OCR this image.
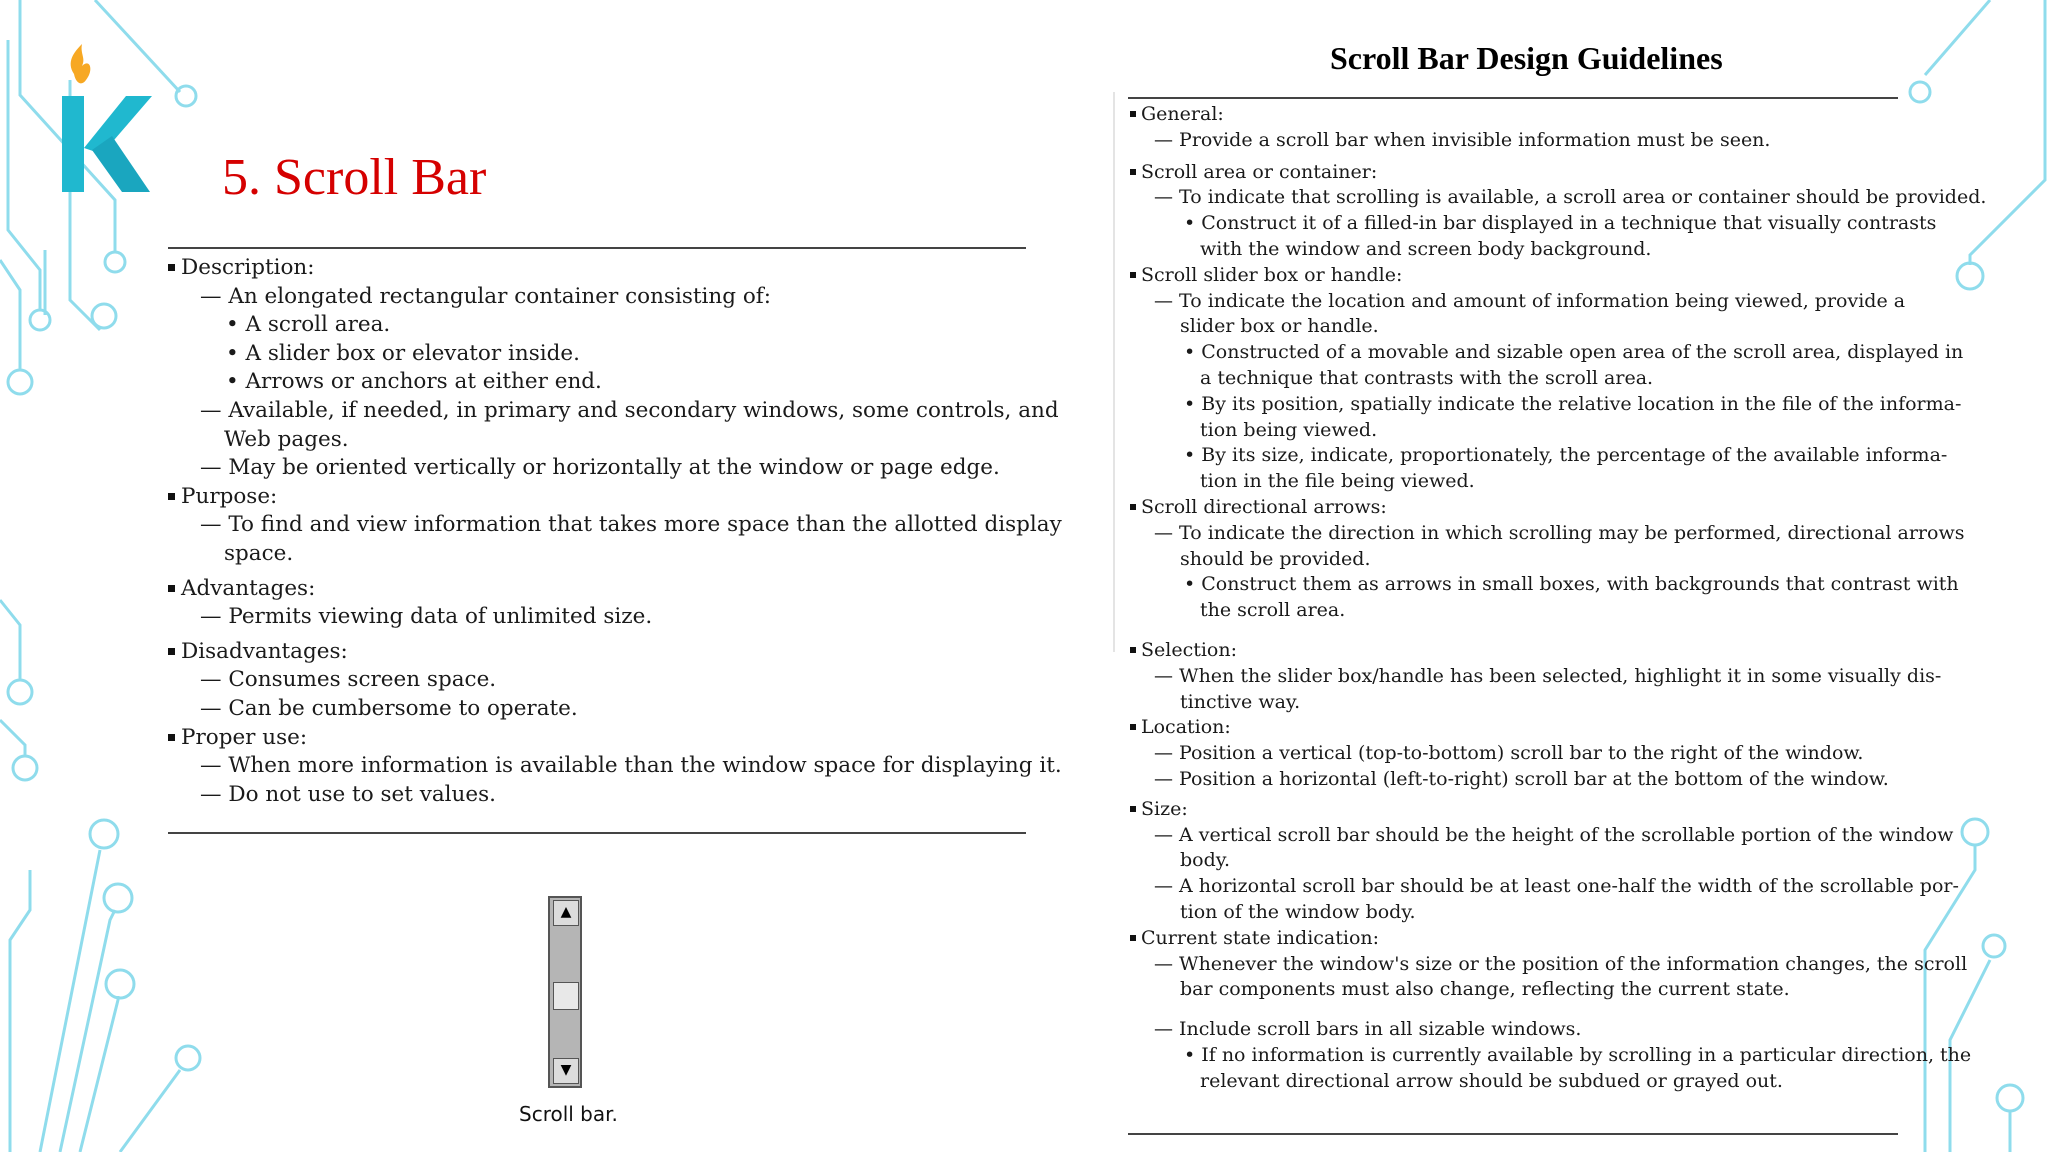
5. Scroll Bar
Description:
— An elongated rectangular container consisting of:
• A scroll area.
• A slider box or elevator inside.
• Arrows or anchors at either end.
— Available, if needed, in primary and secondary windows, some controls, and
Web pages.
— May be oriented vertically or horizontally at the window or page edge.
Purpose:
— To find and view information that takes more space than the allotted display
space.
Advantages:
— Permits viewing data of unlimited size.
Disadvantages:
— Consumes screen space.
— Can be cumbersome to operate.
Proper use:
— When more information is available than the window space for displaying it.
— Do not use to set values.
▲
▼
Scroll bar.
Scroll Bar Design Guidelines
General:
— Provide a scroll bar when invisible information must be seen.
Scroll area or container:
— To indicate that scrolling is available, a scroll area or container should be provided.
• Construct it of a filled-in bar displayed in a technique that visually contrasts
with the window and screen body background.
Scroll slider box or handle:
— To indicate the location and amount of information being viewed, provide a
slider box or handle.
• Constructed of a movable and sizable open area of the scroll area, displayed in
a technique that contrasts with the scroll area.
• By its position, spatially indicate the relative location in the file of the informa-
tion being viewed.
• By its size, indicate, proportionately, the percentage of the available informa-
tion in the file being viewed.
Scroll directional arrows:
— To indicate the direction in which scrolling may be performed, directional arrows
should be provided.
• Construct them as arrows in small boxes, with backgrounds that contrast with
the scroll area.
Selection:
— When the slider box/handle has been selected, highlight it in some visually dis-
tinctive way.
Location:
— Position a vertical (top-to-bottom) scroll bar to the right of the window.
— Position a horizontal (left-to-right) scroll bar at the bottom of the window.
Size:
— A vertical scroll bar should be the height of the scrollable portion of the window
body.
— A horizontal scroll bar should be at least one-half the width of the scrollable por-
tion of the window body.
Current state indication:
— Whenever the window's size or the position of the information changes, the scroll
bar components must also change, reflecting the current state.
— Include scroll bars in all sizable windows.
• If no information is currently available by scrolling in a particular direction, the
relevant directional arrow should be subdued or grayed out.
